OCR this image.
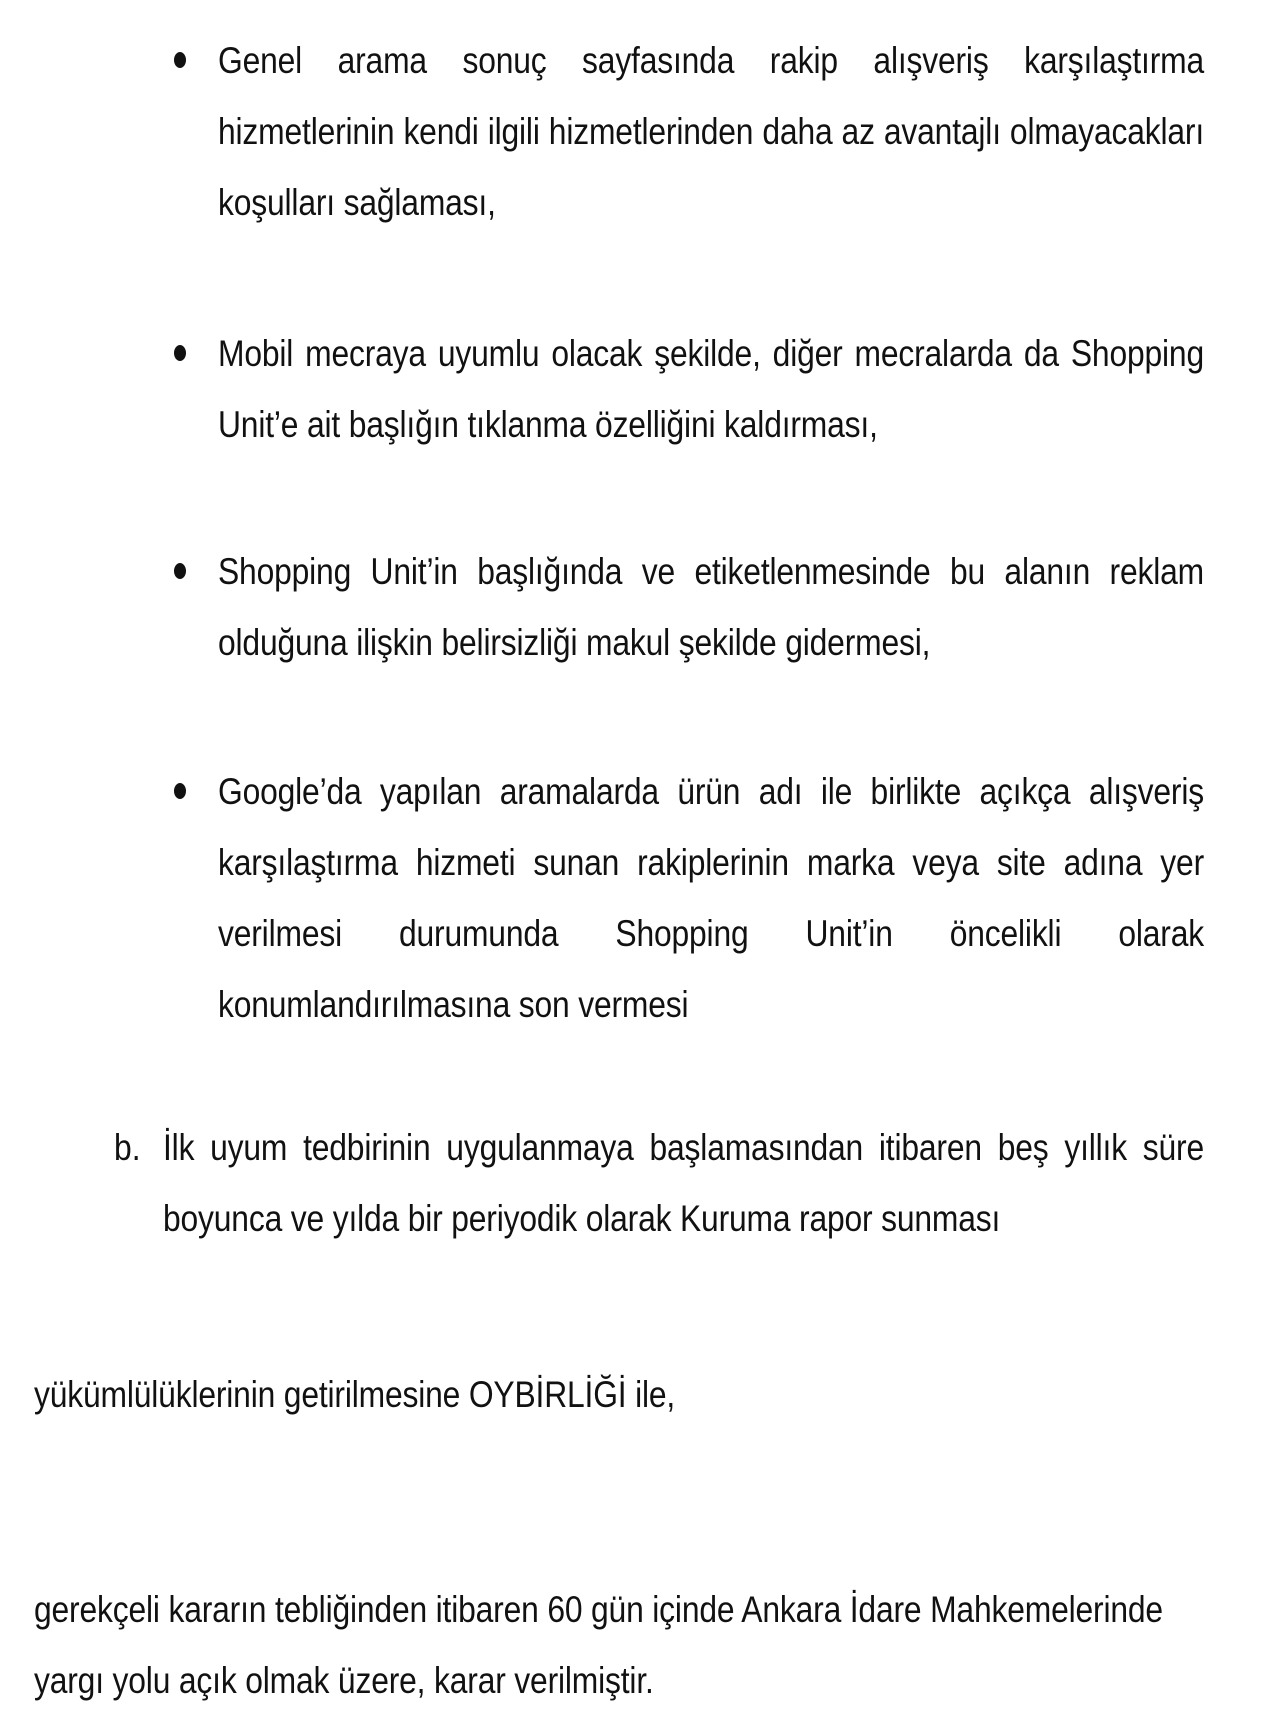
Genel arama sonuç sayfasında rakip alışveriş karşılaştırma hizmetlerinin kendi ilgili hizmetlerinden daha az avantajlı olmayacakları koşulları sağlaması,

Mobil mecraya uyumlu olacak şekilde, diğer mecralarda da Shopping Unit’e ait başlığın tıklanma özelliğini kaldırması,

Shopping Unit’in başlığında ve etiketlenmesinde bu alanın reklam olduğuna ilişkin belirsizliği makul şekilde gidermesi,

Google’da yapılan aramalarda ürün adı ile birlikte açıkça alışveriş karşılaştırma hizmeti sunan rakiplerinin marka veya site adına yer verilmesi durumunda Shopping Unit’in öncelikli olarak konumlandırılmasına son vermesi

b. İlk uyum tedbirinin uygulanmaya başlamasından itibaren beş yıllık süre boyunca ve yılda bir periyodik olarak Kuruma rapor sunması

yükümlülüklerinin getirilmesine OYBİRLİĞİ ile,

gerekçeli kararın tebliğinden itibaren 60 gün içinde Ankara İdare Mahkemelerinde yargı yolu açık olmak üzere, karar verilmiştir.
